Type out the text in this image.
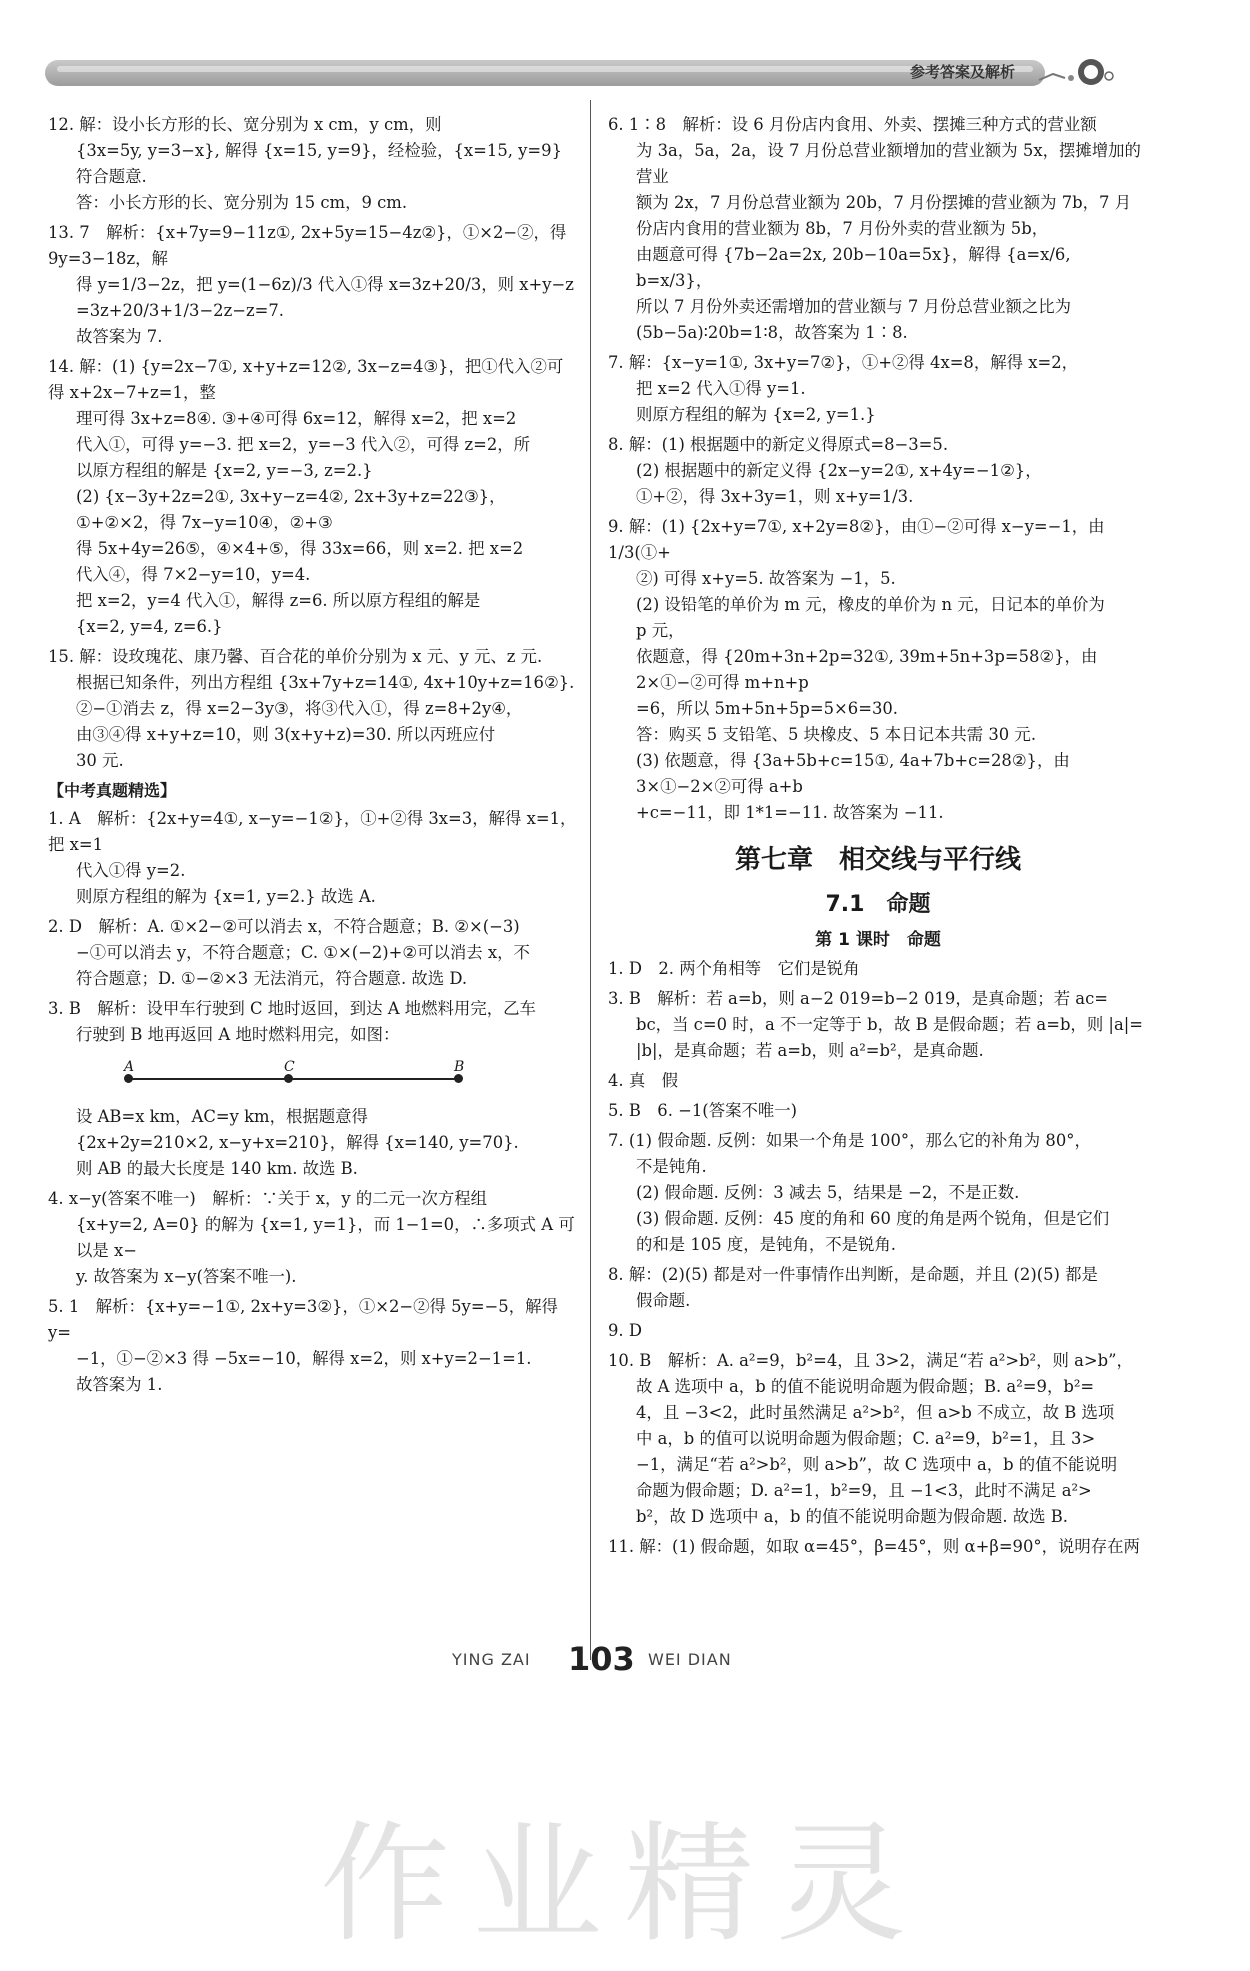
参考答案及解析

12. 解：设小长方形的长、宽分别为 x cm，y cm，则

{3x=5y, y=3−x}, 解得 {x=15, y=9}，经检验，{x=15, y=9} 符合题意.

答：小长方形的长、宽分别为 15 cm，9 cm.

13. 7　解析：{x+7y=9−11z①, 2x+5y=15−4z②}，①×2−②，得 9y=3−18z，解

得 y=1/3−2z，把 y=(1−6z)/3 代入①得 x=3z+20/3，则 x+y−z

=3z+20/3+1/3−2z−z=7.

故答案为 7.

14. 解：(1) {y=2x−7①, x+y+z=12②, 3x−z=4③}，把①代入②可得 x+2x−7+z=1，整

理可得 3x+z=8④. ③+④可得 6x=12，解得 x=2，把 x=2

代入①，可得 y=−3. 把 x=2，y=−3 代入②，可得 z=2，所

以原方程组的解是 {x=2, y=−3, z=2.}

(2) {x−3y+2z=2①, 3x+y−z=4②, 2x+3y+z=22③}，①+②×2，得 7x−y=10④，②+③

得 5x+4y=26⑤，④×4+⑤，得 33x=66，则 x=2. 把 x=2

代入④，得 7×2−y=10，y=4.

把 x=2，y=4 代入①，解得 z=6. 所以原方程组的解是

{x=2, y=4, z=6.}

15. 解：设玫瑰花、康乃馨、百合花的单价分别为 x 元、y 元、z 元.

根据已知条件，列出方程组 {3x+7y+z=14①, 4x+10y+z=16②}.

②−①消去 z，得 x=2−3y③，将③代入①，得 z=8+2y④，

由③④得 x+y+z=10，则 3(x+y+z)=30. 所以丙班应付

30 元.

【中考真题精选】

1. A　解析：{2x+y=4①, x−y=−1②}，①+②得 3x=3，解得 x=1，把 x=1

代入①得 y=2.

则原方程组的解为 {x=1, y=2.} 故选 A.

2. D　解析：A. ①×2−②可以消去 x，不符合题意；B. ②×(−3)

−①可以消去 y，不符合题意；C. ①×(−2)+②可以消去 x，不

符合题意；D. ①−②×3 无法消元，符合题意. 故选 D.

3. B　解析：设甲车行驶到 C 地时返回，到达 A 地燃料用完，乙车

行驶到 B 地再返回 A 地时燃料用完，如图：

A	C	B

设 AB=x km，AC=y km，根据题意得

{2x+2y=210×2, x−y+x=210}，解得 {x=140, y=70}.

则 AB 的最大长度是 140 km. 故选 B.

4. x−y(答案不唯一)　解析：∵关于 x，y 的二元一次方程组

{x+y=2, A=0} 的解为 {x=1, y=1}，而 1−1=0，∴多项式 A 可以是 x−

y. 故答案为 x−y(答案不唯一).

5. 1　解析：{x+y=−1①, 2x+y=3②}，①×2−②得 5y=−5，解得 y=

−1，①−②×3 得 −5x=−10，解得 x=2，则 x+y=2−1=1.

故答案为 1.

6. 1∶8　解析：设 6 月份店内食用、外卖、摆摊三种方式的营业额

为 3a，5a，2a，设 7 月份总营业额增加的营业额为 5x，摆摊增加的营业

额为 2x，7 月份总营业额为 20b，7 月份摆摊的营业额为 7b，7 月

份店内食用的营业额为 8b，7 月份外卖的营业额为 5b，

由题意可得 {7b−2a=2x, 20b−10a=5x}，解得 {a=x/6, b=x/3}，

所以 7 月份外卖还需增加的营业额与 7 月份总营业额之比为

(5b−5a)∶20b=1∶8，故答案为 1∶8.

7. 解：{x−y=1①, 3x+y=7②}，①+②得 4x=8，解得 x=2，

把 x=2 代入①得 y=1.

则原方程组的解为 {x=2, y=1.}

8. 解：(1) 根据题中的新定义得原式=8−3=5.

(2) 根据题中的新定义得 {2x−y=2①, x+4y=−1②}，

①+②，得 3x+3y=1，则 x+y=1/3.

9. 解：(1) {2x+y=7①, x+2y=8②}，由①−②可得 x−y=−1，由 1/3(①+

②) 可得 x+y=5. 故答案为 −1，5.

(2) 设铅笔的单价为 m 元，橡皮的单价为 n 元，日记本的单价为

p 元，

依题意，得 {20m+3n+2p=32①, 39m+5n+3p=58②}，由 2×①−②可得 m+n+p

=6，所以 5m+5n+5p=5×6=30.

答：购买 5 支铅笔、5 块橡皮、5 本日记本共需 30 元.

(3) 依题意，得 {3a+5b+c=15①, 4a+7b+c=28②}，由 3×①−2×②可得 a+b

+c=−11，即 1*1=−11. 故答案为 −11.

第七章　相交线与平行线
7.1　命题
第 1 课时　命题

1. D　2. 两个角相等　它们是锐角

3. B　解析：若 a=b，则 a−2 019=b−2 019，是真命题；若 ac=

bc，当 c=0 时，a 不一定等于 b，故 B 是假命题；若 a=b，则 |a|=

|b|，是真命题；若 a=b，则 a²=b²，是真命题.

4. 真　假

5. B　6. −1(答案不唯一)

7. (1) 假命题. 反例：如果一个角是 100°，那么它的补角为 80°，

不是钝角.

(2) 假命题. 反例：3 减去 5，结果是 −2，不是正数.

(3) 假命题. 反例：45 度的角和 60 度的角是两个锐角，但是它们

的和是 105 度，是钝角，不是锐角.

8. 解：(2)(5) 都是对一件事情作出判断，是命题，并且 (2)(5) 都是

假命题.

9. D

10. B　解析：A. a²=9，b²=4，且 3>2，满足“若 a²>b²，则 a>b”，

故 A 选项中 a，b 的值不能说明命题为假命题；B. a²=9，b²=

4，且 −3<2，此时虽然满足 a²>b²，但 a>b 不成立，故 B 选项

中 a，b 的值可以说明命题为假命题；C. a²=9，b²=1，且 3>

−1，满足“若 a²>b²，则 a>b”，故 C 选项中 a，b 的值不能说明

命题为假命题；D. a²=1，b²=9，且 −1<3，此时不满足 a²>

b²，故 D 选项中 a，b 的值不能说明命题为假命题. 故选 B.

11. 解：(1) 假命题，如取 α=45°，β=45°，则 α+β=90°，说明存在两

YING ZAI 103 WEI DIAN
作业精灵
